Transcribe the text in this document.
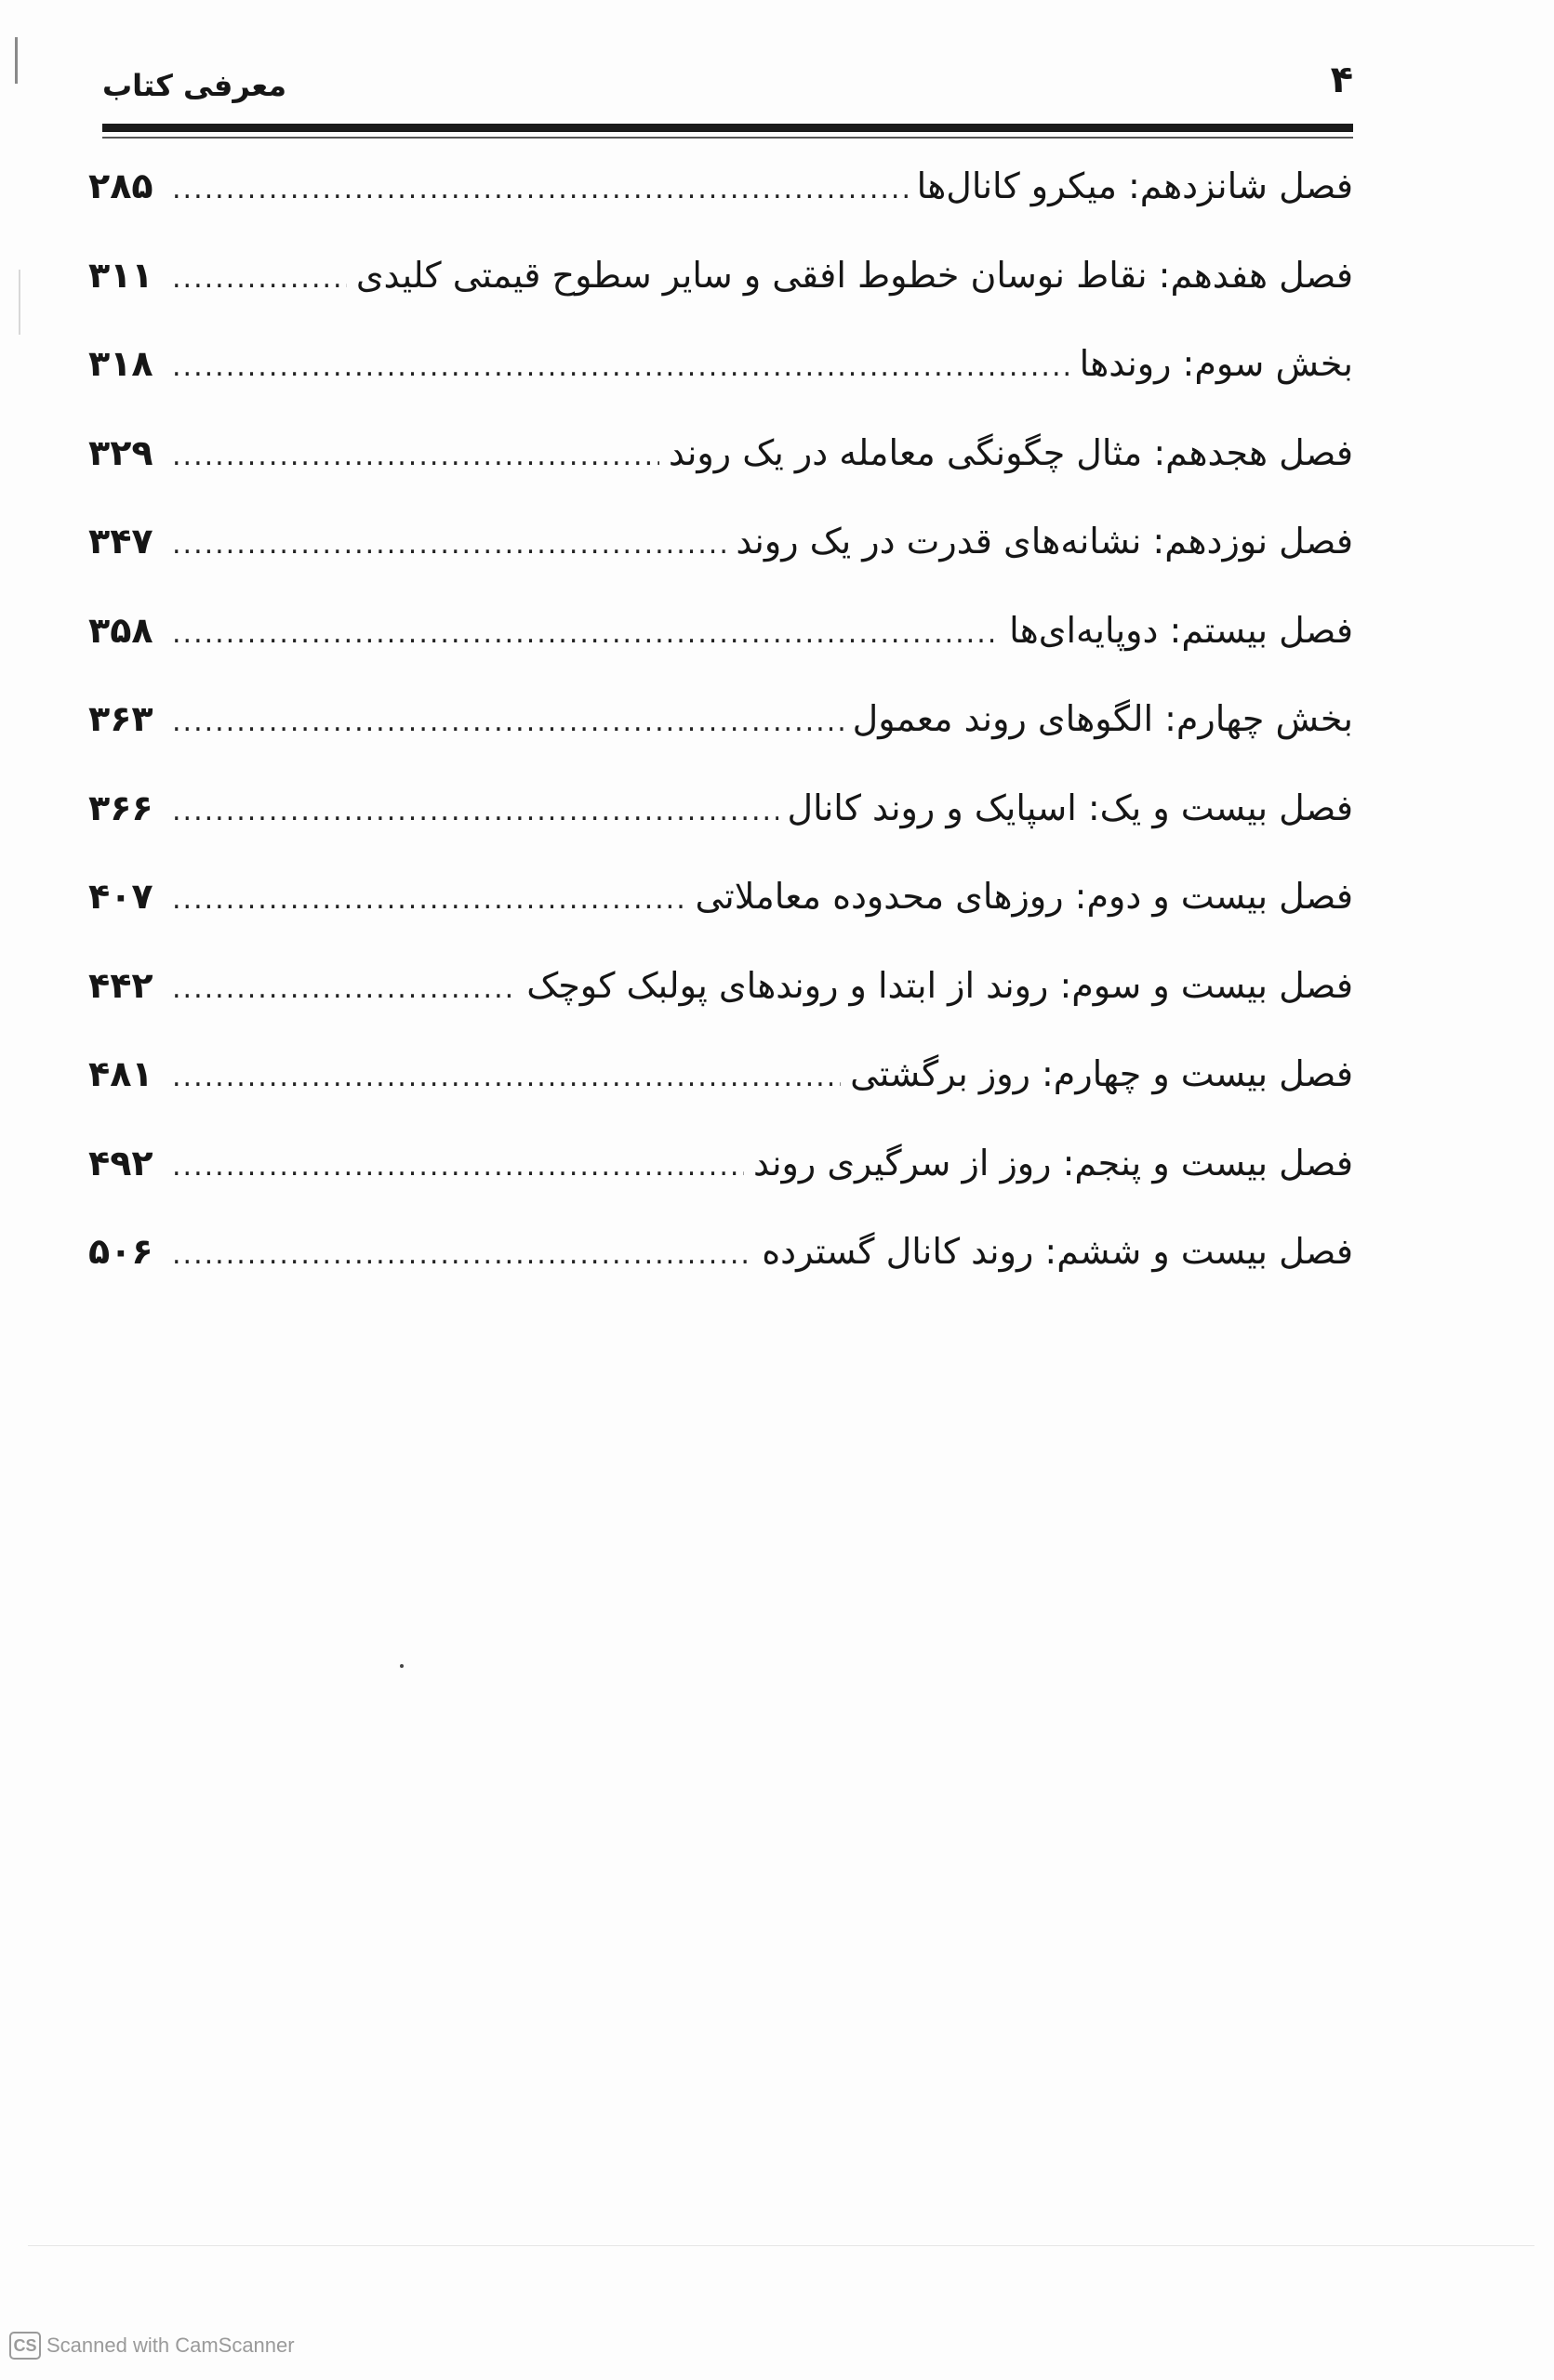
۴
معرفی کتاب
فصل شانزدهم: میکرو کانال‌ها
.....
۲۸۵
فصل هفدهم: نقاط نوسان خطوط افقی و سایر سطوح قیمتی کلیدی
.....
۳۱۱
بخش سوم: روندها
.....
۳۱۸
فصل هجدهم: مثال چگونگی معامله در یک روند
.....
۳۲۹
فصل نوزدهم: نشانه‌های قدرت در یک روند
.....
۳۴۷
فصل بیستم: دوپایه‌ای‌ها
.....
۳۵۸
بخش چهارم: الگوهای روند معمول
.....
۳۶۳
فصل بیست و یک: اسپایک و روند کانال
.....
۳۶۶
فصل بیست و دوم: روزهای محدوده معاملاتی
.....
۴۰۷
فصل بیست و سوم: روند از ابتدا و روندهای پولبک کوچک
.....
۴۴۲
فصل بیست و چهارم: روز برگشتی
.....
۴۸۱
فصل بیست و پنجم: روز از سرگیری روند
.....
۴۹۲
فصل بیست و ششم: روند کانال گسترده
.....
۵۰۶
CS Scanned with CamScanner
